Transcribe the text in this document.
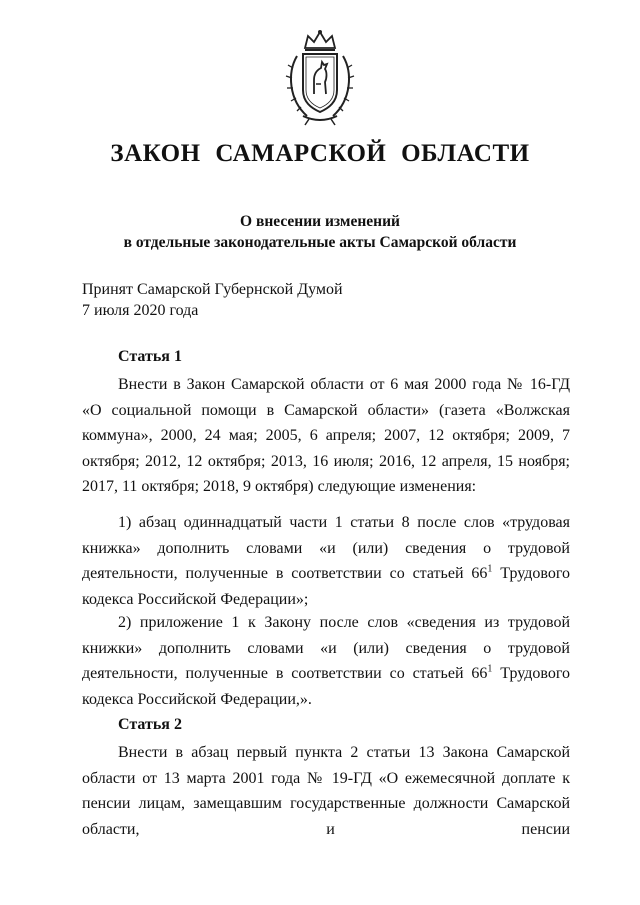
ЗАКОН САМАРСКОЙ ОБЛАСТИ
О внесении изменений
в отдельные законодательные акты Самарской области
Принят Самарской Губернской Думой
7 июля 2020 года
Статья 1
Внести в Закон Самарской области от 6 мая 2000 года № 16-ГД «О социальной помощи в Самарской области» (газета «Волжская коммуна», 2000, 24 мая; 2005, 6 апреля; 2007, 12 октября; 2009, 7 октября; 2012, 12 октября; 2013, 16 июля; 2016, 12 апреля, 15 ноября; 2017, 11 октября; 2018, 9 октября) следующие изменения:
1) абзац одиннадцатый части 1 статьи 8 после слов «трудовая книжка» дополнить словами «и (или) сведения о трудовой деятельности, полученные в соответствии со статьей $66^1$ Трудового кодекса Российской Федерации»;
2) приложение 1 к Закону после слов «сведения из трудовой книжки» дополнить словами «и (или) сведения о трудовой деятельности, полученные в соответствии со статьей $66^1$ Трудового кодекса Российской Федерации,».
Статья 2
Внести в абзац первый пункта 2 статьи 13 Закона Самарской области от 13 марта 2001 года № 19-ГД «О ежемесячной доплате к пенсии лицам, замещавшим государственные должности Самарской области, и пенсии
